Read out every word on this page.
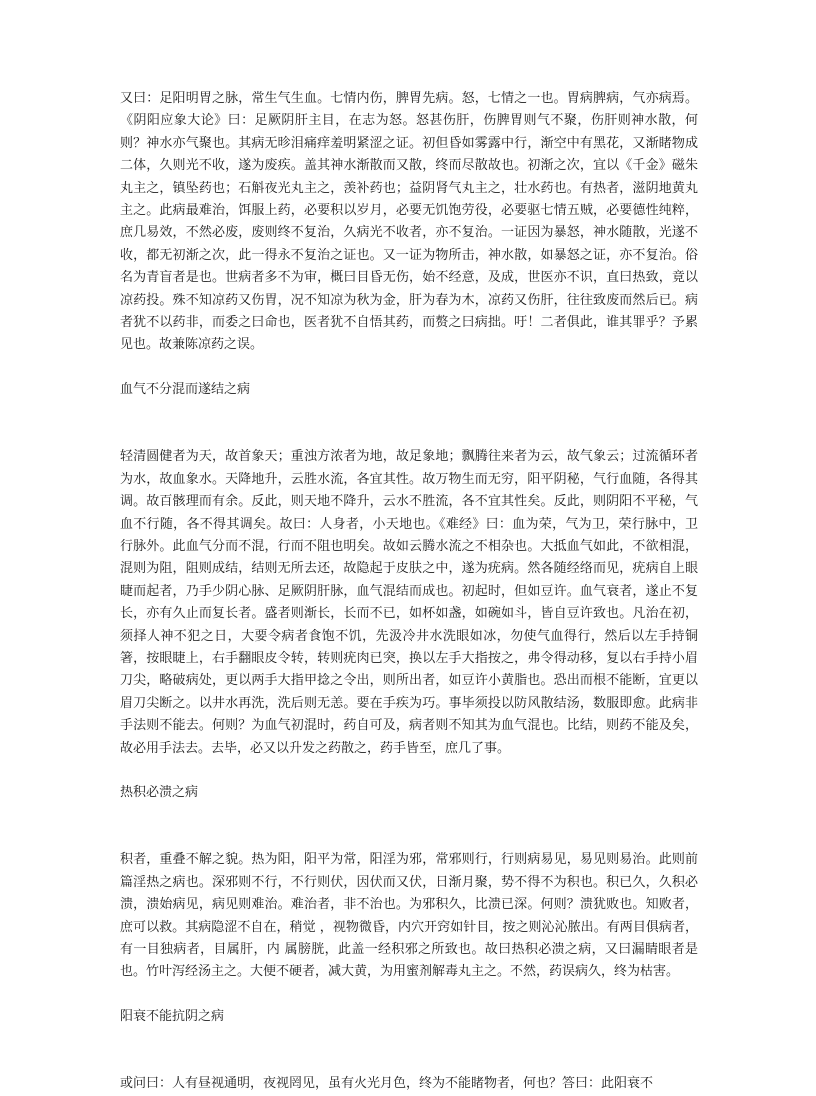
又曰：足阳明胃之脉，常生气生血。七情内伤，脾胃先病。怒，七情之一也。胃病脾病，气亦病焉。《阴阳应象大论》曰：足厥阴肝主目，在志为怒。怒甚伤肝，伤脾胃则气不聚，伤肝则神水散，何则？神水亦气聚也。其病无昣泪痛痒羞明紧涩之证。初但昏如雾露中行，渐空中有黑花，又渐睹物成二体，久则光不收，遂为废疾。盖其神水渐散而又散，终而尽散故也。初渐之次，宜以《千金》磁朱丸主之，镇坠药也；石斛夜光丸主之，羡补药也；益阴肾气丸主之，壮水药也。有热者，滋阴地黄丸主之。此病最难治，饵服上药，必要积以岁月，必要无饥饱劳役，必要驱七情五贼，必要德性纯粹，庶几易效，不然必废，废则终不复治，久病光不收者，亦不复治。一证因为暴怒，神水随散，光遂不收，都无初渐之次，此一得永不复治之证也。又一证为物所击，神水散，如暴怒之证，亦不复治。俗名为青盲者是也。世病者多不为审，概曰目昏无伤，始不经意，及成，世医亦不识，直曰热致，竟以凉药投。殊不知凉药又伤胃，况不知凉为秋为金，肝为春为木，凉药又伤肝，往往致废而然后已。病者犹不以药非，而委之曰命也，医者犹不自悟其药，而赘之曰病拙。吁！二者俱此，谁其罪乎？予累见也。故兼陈凉药之误。

血气不分混而遂结之病

轻清圆健者为天，故首象天；重浊方浓者为地，故足象地；飘腾往来者为云，故气象云；过流循环者为水，故血象水。天降地升，云胜水流，各宜其性。故万物生而无穷，阳平阴秘，气行血随，各得其调。故百骸理而有余。反此，则天地不降升，云水不胜流，各不宜其性矣。反此，则阴阳不平秘，气血不行随，各不得其调矣。故曰：人身者，小天地也。《难经》曰：血为荣，气为卫，荣行脉中，卫行脉外。此血气分而不混，行而不阻也明矣。故如云腾水流之不相杂也。大抵血气如此，不欲相混，混则为阻，阻则成结，结则无所去还，故隐起于皮肤之中，遂为疣病。然各随经络而见，疣病自上眼睫而起者，乃手少阴心脉、足厥阴肝脉，血气混结而成也。初起时，但如豆许。血气衰者，遂止不复长，亦有久止而复长者。盛者则渐长，长而不已，如杯如盏，如碗如斗，皆自豆许致也。凡治在初，须择人神不犯之日，大要令病者食饱不饥，先汲冷井水洗眼如冰，勿使气血得行，然后以左手持铜箸，按眼睫上，右手翻眼皮令转，转则疣肉已突，换以左手大指按之，弗令得动移，复以右手持小眉刀尖，略破病处，更以两手大指甲捻之令出，则所出者，如豆许小黄脂也。恐出而根不能断，宜更以眉刀尖断之。以井水再洗，洗后则无恙。要在手疾为巧。事毕须投以防风散结汤，数服即愈。此病非手法则不能去。何则？为血气初混时，药自可及，病者则不知其为血气混也。比结，则药不能及矣，故必用手法去。去毕，必又以升发之药散之，药手皆至，庶几了事。

热积必溃之病

积者，重叠不解之貌。热为阳，阳平为常，阳淫为邪，常邪则行，行则病易见，易见则易治。此则前篇淫热之病也。深邪则不行，不行则伏，因伏而又伏，日渐月聚，势不得不为积也。积已久，久积必溃，溃始病见，病见则难治。难治者，非不治也。为邪积久，比溃已深。何则？溃犹败也。知败者，庶可以救。其病隐涩不自在，稍觉 ，视物微昏，内穴开窍如针目，按之则沁沁脓出。有两目俱病者，有一目独病者，目属肝，内 属膀胱，此盖一经积邪之所致也。故曰热积必溃之病，又曰漏睛眼者是也。竹叶泻经汤主之。大便不硬者，减大黄，为用蜜剂解毒丸主之。不然，药误病久，终为枯害。

阳衰不能抗阴之病

或问曰：人有昼视通明，夜视罔见，虽有火光月色，终为不能睹物者，何也？答曰：此阳衰不
